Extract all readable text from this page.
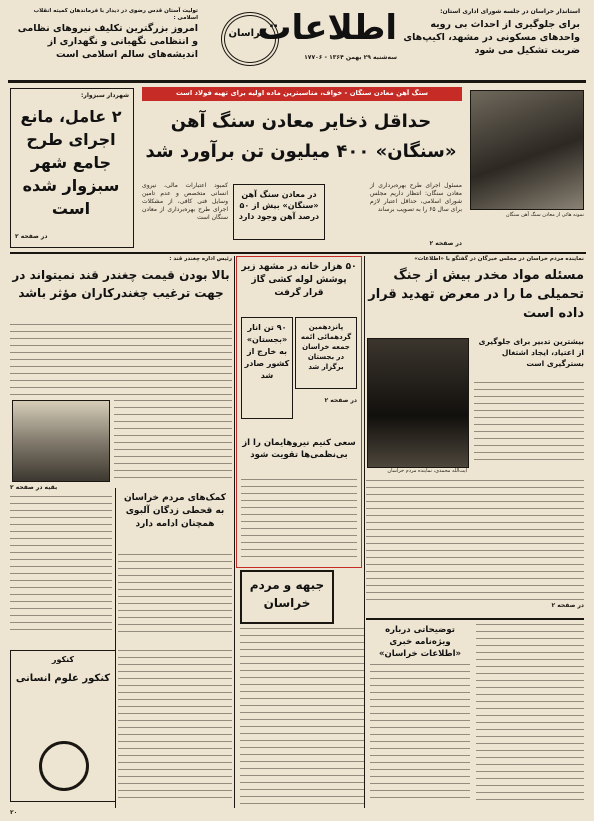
استاندار خراسان در جلسه شورای اداری استان:
برای جلوگیری از احداث بی رویه واحدهای مسکونی در مشهد، اکیپ‌های ضربت تشکیل می شود
خراسان
اطلاعات
سه‌شنبه ۲۹ بهمن ۱۳۶۴ - ۱۷۷۰۶
تولیت آستان قدس رضوی در دیدار با فرماندهان کمیته انقلاب اسلامی :
امروز بزرگترین تکلیف نیروهای نظامی و انتظامی نگهبانی و نگهداری از اندیشه‌های سالم اسلامی است
سنگ آهن معادن سنگان - خواف، مناسبترین ماده اولیه برای تهیه فولاد است
نمونه هائی از معادن سنگ آهن سنگان
حداقل ذخایر معادن سنگ آهن
«سنگان» ۴۰۰ میلیون تن برآورد شد
مسئول اجرای طرح بهره‌برداری از معادن سنگان: انتظار داریم مجلس شورای اسلامی، حداقل اعتبار لازم برای سال ۶۵ را به تصویب برساند
در معادن سنگ آهن «سنگان» بیش از ۵۰ درصد آهن وجود دارد
کمبود اعتبارات مالی، نیروی انسانی متخصص و عدم تامین وسایل فنی کافی، از مشکلات اجرای طرح بهره‌برداری از معادن سنگان است
در صفحه ۲
شهردار سبزوار:
۲ عامل، مانع اجرای طرح جامع شهر سبزوار شده است
در صفحه ۲
نماینده مردم خراسان در مجلس خبرگان در گفتگو با «اطلاعات»
مسئله مواد مخدر بیش از جنگ تحمیلی ما را در معرض تهدید قرار داده است
بیشترین تدبیر برای جلوگیری از اعتیاد، ایجاد اشتغال بسترگیری است
آیت‌الله محمدی، نماینده مردم خراسان
در صفحه ۲
۵۰ هزار خانه در مشهد زیر پوشش لوله کشی گاز قرار گرفت
۹۰ تن انار «بجستان» به خارج از کشور صادر شد
پانزدهمین گردهمائی ائمه جمعه خراسان در بجستان برگزار شد
در صفحه ۲
سعی کنیم نیروهایمان را از بی‌نظمی‌ها تقویت شود
رئیس اداره چغندر قند :
بالا بودن قیمت چغندر قند نمیتواند در جهت ترغیب چغندرکاران مؤثر باشد
بقیه در صفحه ۲
کمک‌های مردم خراسان به قحطی زدگان آلبوی همچنان ادامه دارد
جبهه و مردم خراسان
کنکور
کنکور علوم انسانی
توضیحاتی درباره ویژه‌نامه خبری «اطلاعات خراسان»
۲۰
